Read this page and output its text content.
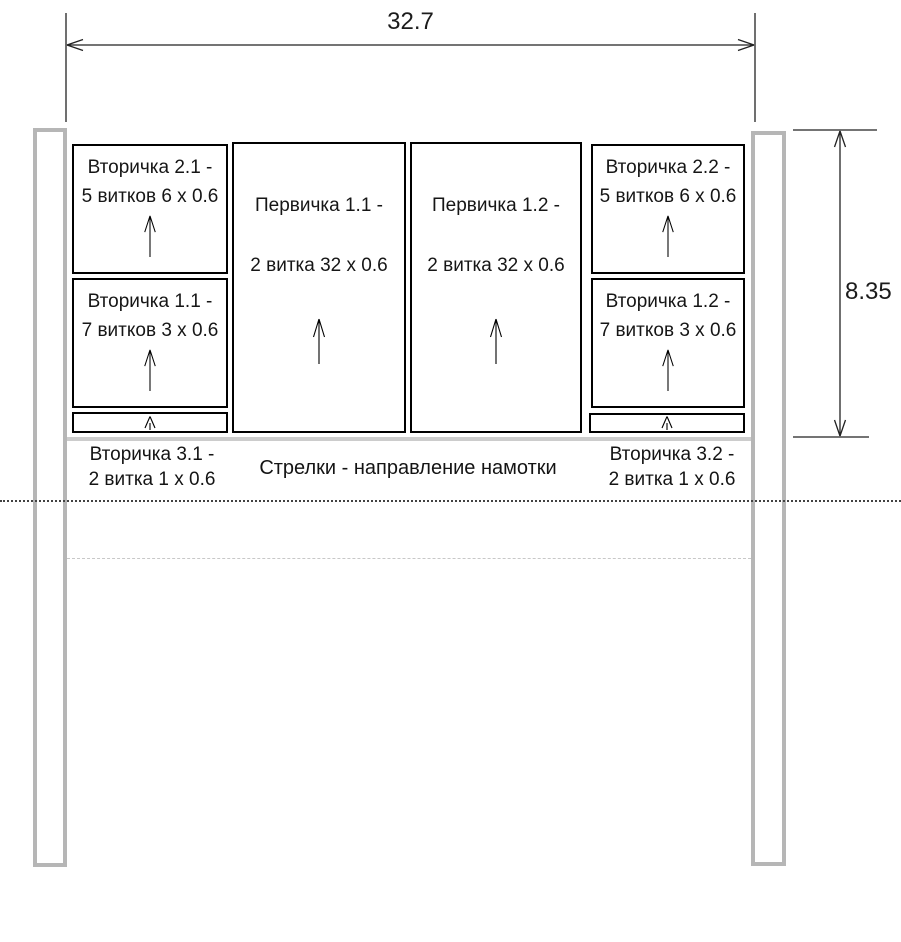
32.7
8.35
Вторичка 2.1 -
5 витков 6 x 0.6
Вторичка 1.1 -
7 витков 3 x 0.6
Первичка 1.1 -
2 витка 32 x 0.6
Первичка 1.2 -
2 витка 32 x 0.6
Вторичка 2.2 -
5 витков 6 x 0.6
Вторичка 1.2 -
7 витков 3 x 0.6
Вторичка 3.1 -
2 витка 1 x 0.6
Стрелки - направление намотки
Вторичка 3.2 -
2 витка 1 x 0.6
